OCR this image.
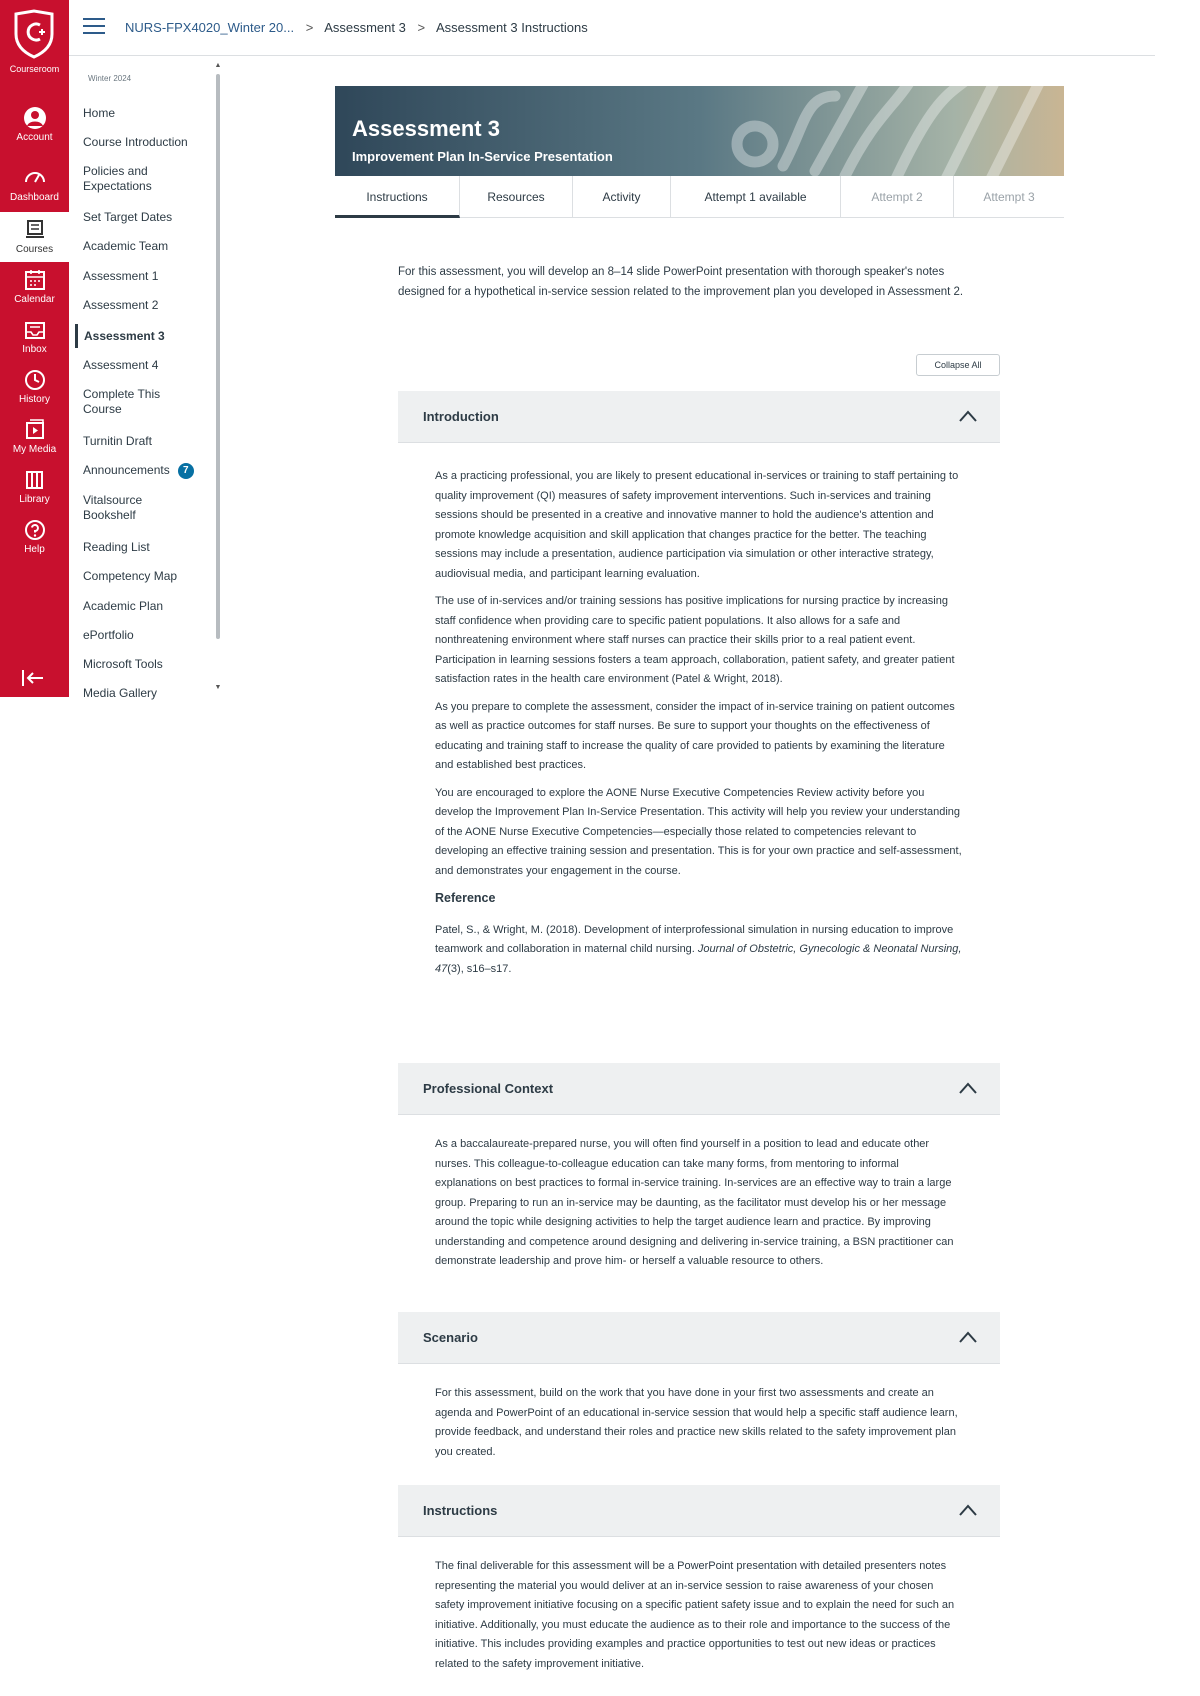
Courseroom
Account
Dashboard
Courses
Calendar
Inbox
History
My Media
Library
Help
NURS-FPX4020_Winter 20... > Assessment 3 > Assessment 3 Instructions
Winter 2024
Home
Course Introduction
Policies and Expectations
Set Target Dates
Academic Team
Assessment 1
Assessment 2
Assessment 3
Assessment 4
Complete This Course
Turnitin Draft
Announcements 7
Vitalsource Bookshelf
Reading List
Competency Map
Academic Plan
ePortfolio
Microsoft Tools
Media Gallery
▲
▼
Assessment 3
Improvement Plan In-Service Presentation
Instructions	Resources	Activity	Attempt 1 available	Attempt 2	Attempt 3

For this assessment, you will develop an 8–14 slide PowerPoint presentation with thorough speaker's notes designed for a hypothetical in-service session related to the improvement plan you developed in Assessment 2.

Collapse All
Introduction

As a practicing professional, you are likely to present educational in-services or training to staff pertaining to quality improvement (QI) measures of safety improvement interventions. Such in-services and training sessions should be presented in a creative and innovative manner to hold the audience's attention and promote knowledge acquisition and skill application that changes practice for the better. The teaching sessions may include a presentation, audience participation via simulation or other interactive strategy, audiovisual media, and participant learning evaluation.

The use of in-services and/or training sessions has positive implications for nursing practice by increasing staff confidence when providing care to specific patient populations. It also allows for a safe and nonthreatening environment where staff nurses can practice their skills prior to a real patient event. Participation in learning sessions fosters a team approach, collaboration, patient safety, and greater patient satisfaction rates in the health care environment (Patel & Wright, 2018).

As you prepare to complete the assessment, consider the impact of in-service training on patient outcomes as well as practice outcomes for staff nurses. Be sure to support your thoughts on the effectiveness of educating and training staff to increase the quality of care provided to patients by examining the literature and established best practices.

You are encouraged to explore the AONE Nurse Executive Competencies Review activity before you develop the Improvement Plan In-Service Presentation. This activity will help you review your understanding of the AONE Nurse Executive Competencies—especially those related to competencies relevant to developing an effective training session and presentation. This is for your own practice and self-assessment, and demonstrates your engagement in the course.

Reference

Patel, S., & Wright, M. (2018). Development of interprofessional simulation in nursing education to improve teamwork and collaboration in maternal child nursing. Journal of Obstetric, Gynecologic & Neonatal Nursing, 47(3), s16–s17.

Professional Context

As a baccalaureate-prepared nurse, you will often find yourself in a position to lead and educate other nurses. This colleague-to-colleague education can take many forms, from mentoring to informal explanations on best practices to formal in-service training. In-services are an effective way to train a large group. Preparing to run an in-service may be daunting, as the facilitator must develop his or her message around the topic while designing activities to help the target audience learn and practice. By improving understanding and competence around designing and delivering in-service training, a BSN practitioner can demonstrate leadership and prove him- or herself a valuable resource to others.

Scenario

For this assessment, build on the work that you have done in your first two assessments and create an agenda and PowerPoint of an educational in-service session that would help a specific staff audience learn, provide feedback, and understand their roles and practice new skills related to the safety improvement plan you created.

Instructions

The final deliverable for this assessment will be a PowerPoint presentation with detailed presenters notes representing the material you would deliver at an in-service session to raise awareness of your chosen safety improvement initiative focusing on a specific patient safety issue and to explain the need for such an initiative. Additionally, you must educate the audience as to their role and importance to the success of the initiative. This includes providing examples and practice opportunities to test out new ideas or practices related to the safety improvement initiative.
